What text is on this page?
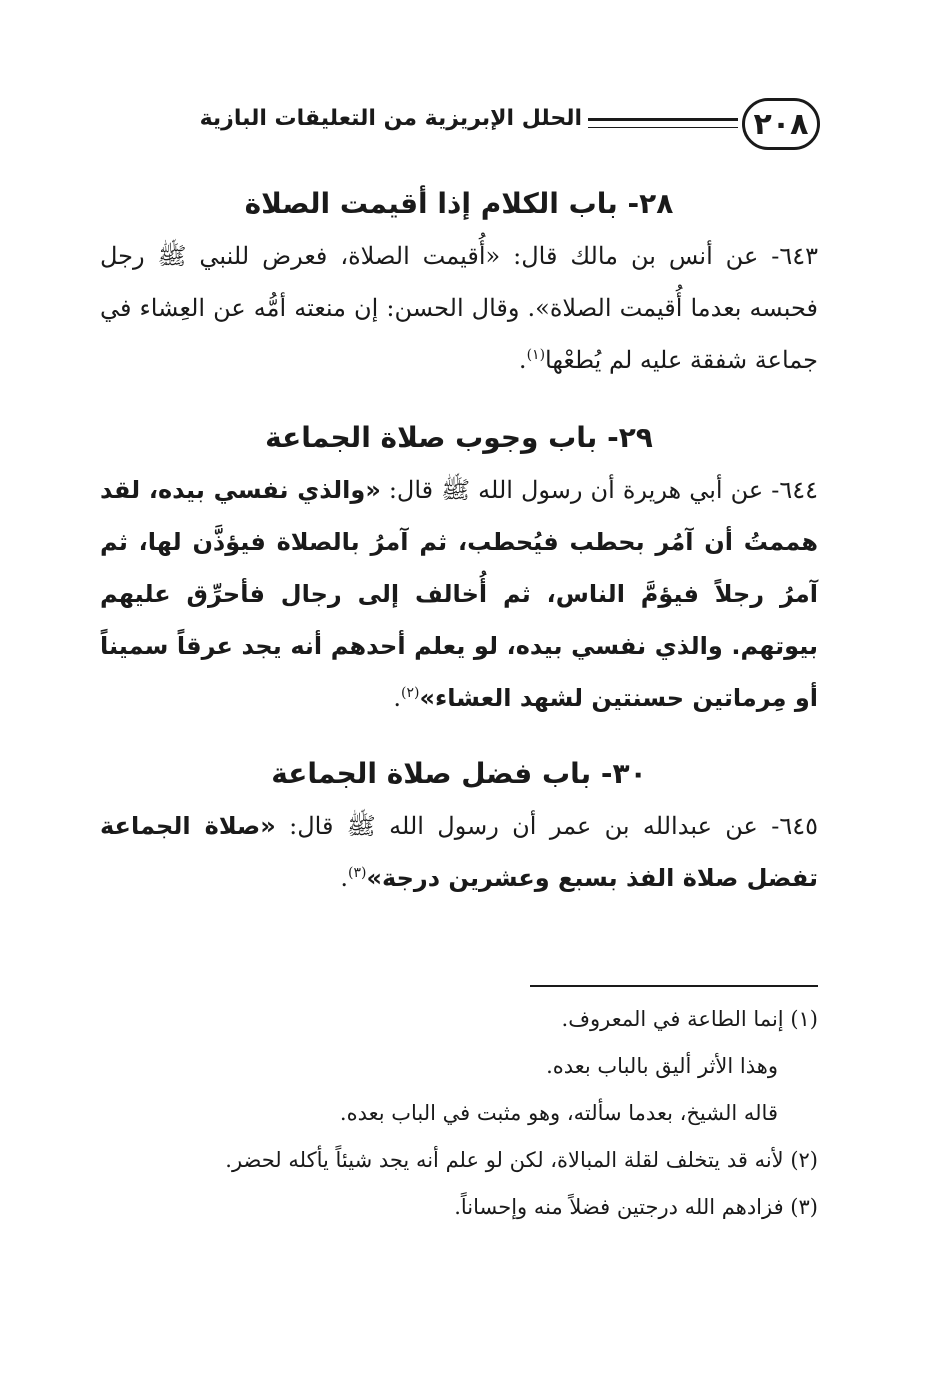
٢٠٨
الحلل الإبريزية من التعليقات البازية
٢٨- باب الكلام إذا أقيمت الصلاة

٦٤٣- عن أنس بن مالك قال: «أُقيمت الصلاة، فعرض للنبي ﷺ رجل فحبسه بعدما أُقيمت الصلاة». وقال الحسن: إن منعته أمُّه عن العِشاء في جماعة شفقة عليه لم يُطعْها$^{(١)}$.

٢٩- باب وجوب صلاة الجماعة

٦٤٤- عن أبي هريرة أن رسول الله ﷺ قال: «والذي نفسي بيده، لقد هممتُ أن آمُر بحطب فيُحطب، ثم آمرُ بالصلاة فيؤذَّن لها، ثم آمرُ رجلاً فيؤمَّ الناس، ثم أُخالف إلى رجال فأحرِّق عليهم بيوتهم. والذي نفسي بيده، لو يعلم أحدهم أنه يجد عرقاً سميناً أو مِرماتين حسنتين لشهد العشاء»$^{(٢)}$.

٣٠- باب فضل صلاة الجماعة

٦٤٥- عن عبدالله بن عمر أن رسول الله ﷺ قال: «صلاة الجماعة تفضل صلاة الفذ بسبع وعشرين درجة»$^{(٣)}$.

(١) إنما الطاعة في المعروف.

وهذا الأثر أليق بالباب بعده.

قاله الشيخ، بعدما سألته، وهو مثبت في الباب بعده.

(٢) لأنه قد يتخلف لقلة المبالاة، لكن لو علم أنه يجد شيئاً يأكله لحضر.

(٣) فزادهم الله درجتين فضلاً منه وإحساناً.
